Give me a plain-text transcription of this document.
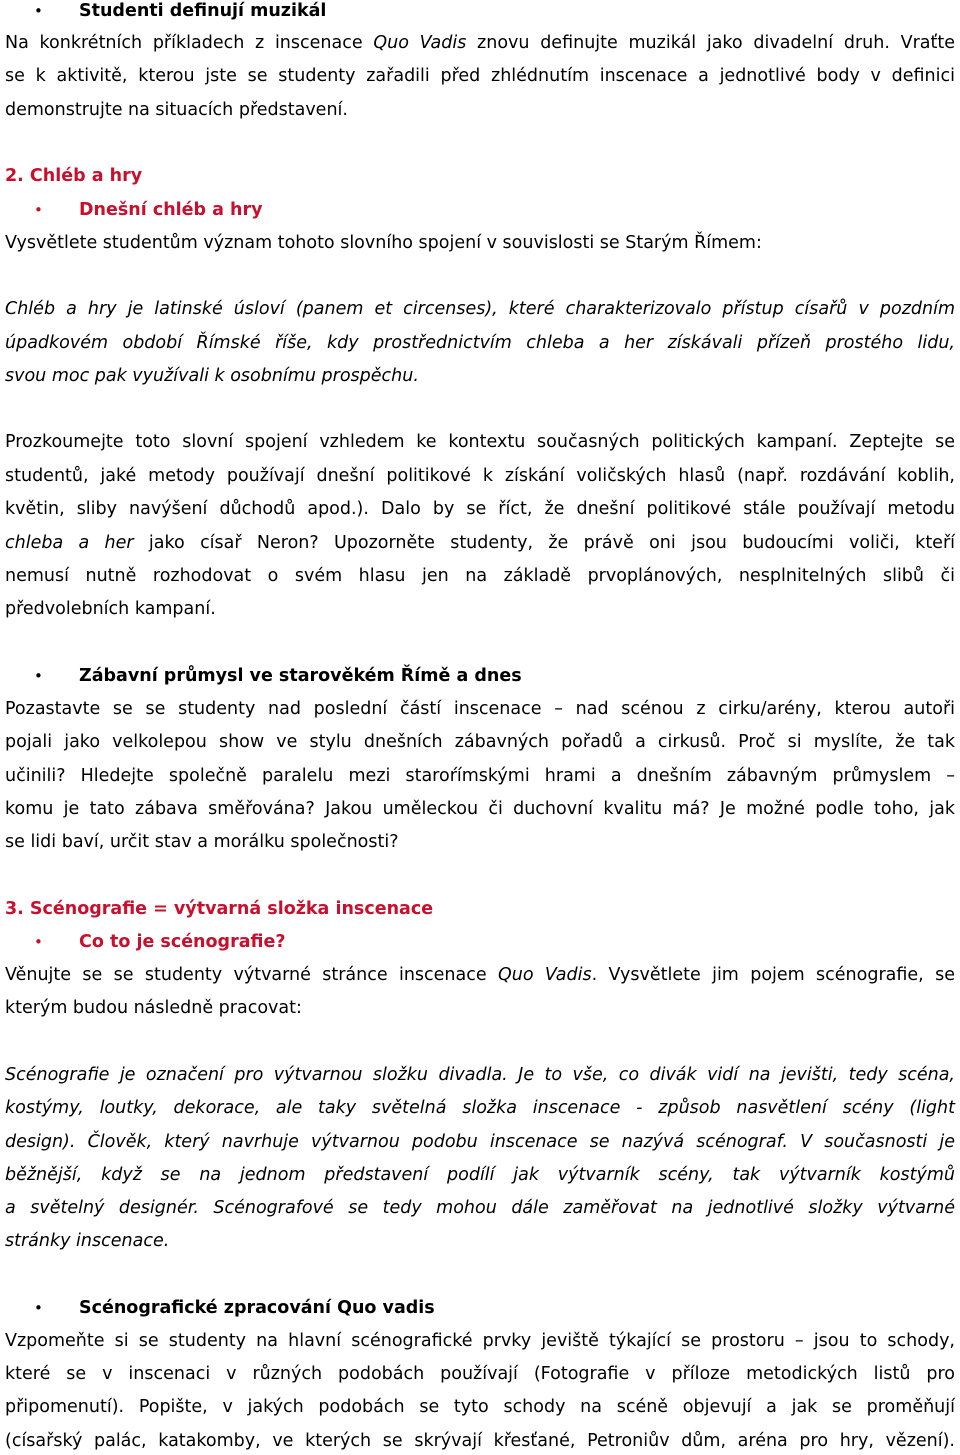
• Studenti definují muzikál
Na konkrétních příkladech z inscenace Quo Vadis znovu definujte muzikál jako divadelní druh. Vraťte
se k aktivitě, kterou jste se studenty zařadili před zhlédnutím inscenace a jednotlivé body v definici
demonstrujte na situacích představení.
2. Chléb a hry
• Dnešní chléb a hry
Vysvětlete studentům význam tohoto slovního spojení v souvislosti se Starým Římem:
Chléb a hry je latinské úsloví (panem et circenses), které charakterizovalo přístup císařů v pozdním
úpadkovém období Římské říše, kdy prostřednictvím chleba a her získávali přízeň prostého lidu,
svou moc pak využívali k osobnímu prospěchu.
Prozkoumejte toto slovní spojení vzhledem ke kontextu současných politických kampaní. Zeptejte se
studentů, jaké metody používají dnešní politikové k získání voličských hlasů (např. rozdávání koblih,
květin, sliby navýšení důchodů apod.). Dalo by se říct, že dnešní politikové stále používají metodu
chleba a her jako císař Neron? Upozorněte studenty, že právě oni jsou budoucími voliči, kteří
nemusí nutně rozhodovat o svém hlasu jen na základě prvoplánových, nesplnitelných slibů či
předvolebních kampaní.
• Zábavní průmysl ve starověkém Římě a dnes
Pozastavte se se studenty nad poslední částí inscenace – nad scénou z cirku/arény, kterou autoři
pojali jako velkolepou show ve stylu dnešních zábavných pořadů a cirkusů. Proč si myslíte, že tak
učinili? Hledejte společně paralelu mezi staroŕímskými hrami a dnešním zábavným průmyslem –
komu je tato zábava směřována? Jakou uměleckou či duchovní kvalitu má? Je možné podle toho, jak
se lidi baví, určit stav a morálku společnosti?
3. Scénografie = výtvarná složka inscenace
• Co to je scénografie?
Věnujte se se studenty výtvarné stránce inscenace Quo Vadis. Vysvětlete jim pojem scénografie, se
kterým budou následně pracovat:
Scénografie je označení pro výtvarnou složku divadla. Je to vše, co divák vidí na jevišti, tedy scéna,
kostýmy, loutky, dekorace, ale taky světelná složka inscenace - způsob nasvětlení scény (light
design). Člověk, který navrhuje výtvarnou podobu inscenace se nazývá scénograf. V současnosti je
běžnější, když se na jednom představení podílí jak výtvarník scény, tak výtvarník kostýmů
a světelný designér. Scénografové se tedy mohou dále zaměřovat na jednotlivé složky výtvarné
stránky inscenace.
• Scénografické zpracování Quo vadis
Vzpomeňte si se studenty na hlavní scénografické prvky jeviště týkající se prostoru – jsou to schody,
které se v inscenaci v různých podobách používají (Fotografie v příloze metodických listů pro
připomenutí). Popište, v jakých podobách se tyto schody na scéně objevují a jak se proměňují
(císařský palác, katakomby, ve kterých se skrývají křesťané, Petroniův dům, aréna pro hry, vězení).
